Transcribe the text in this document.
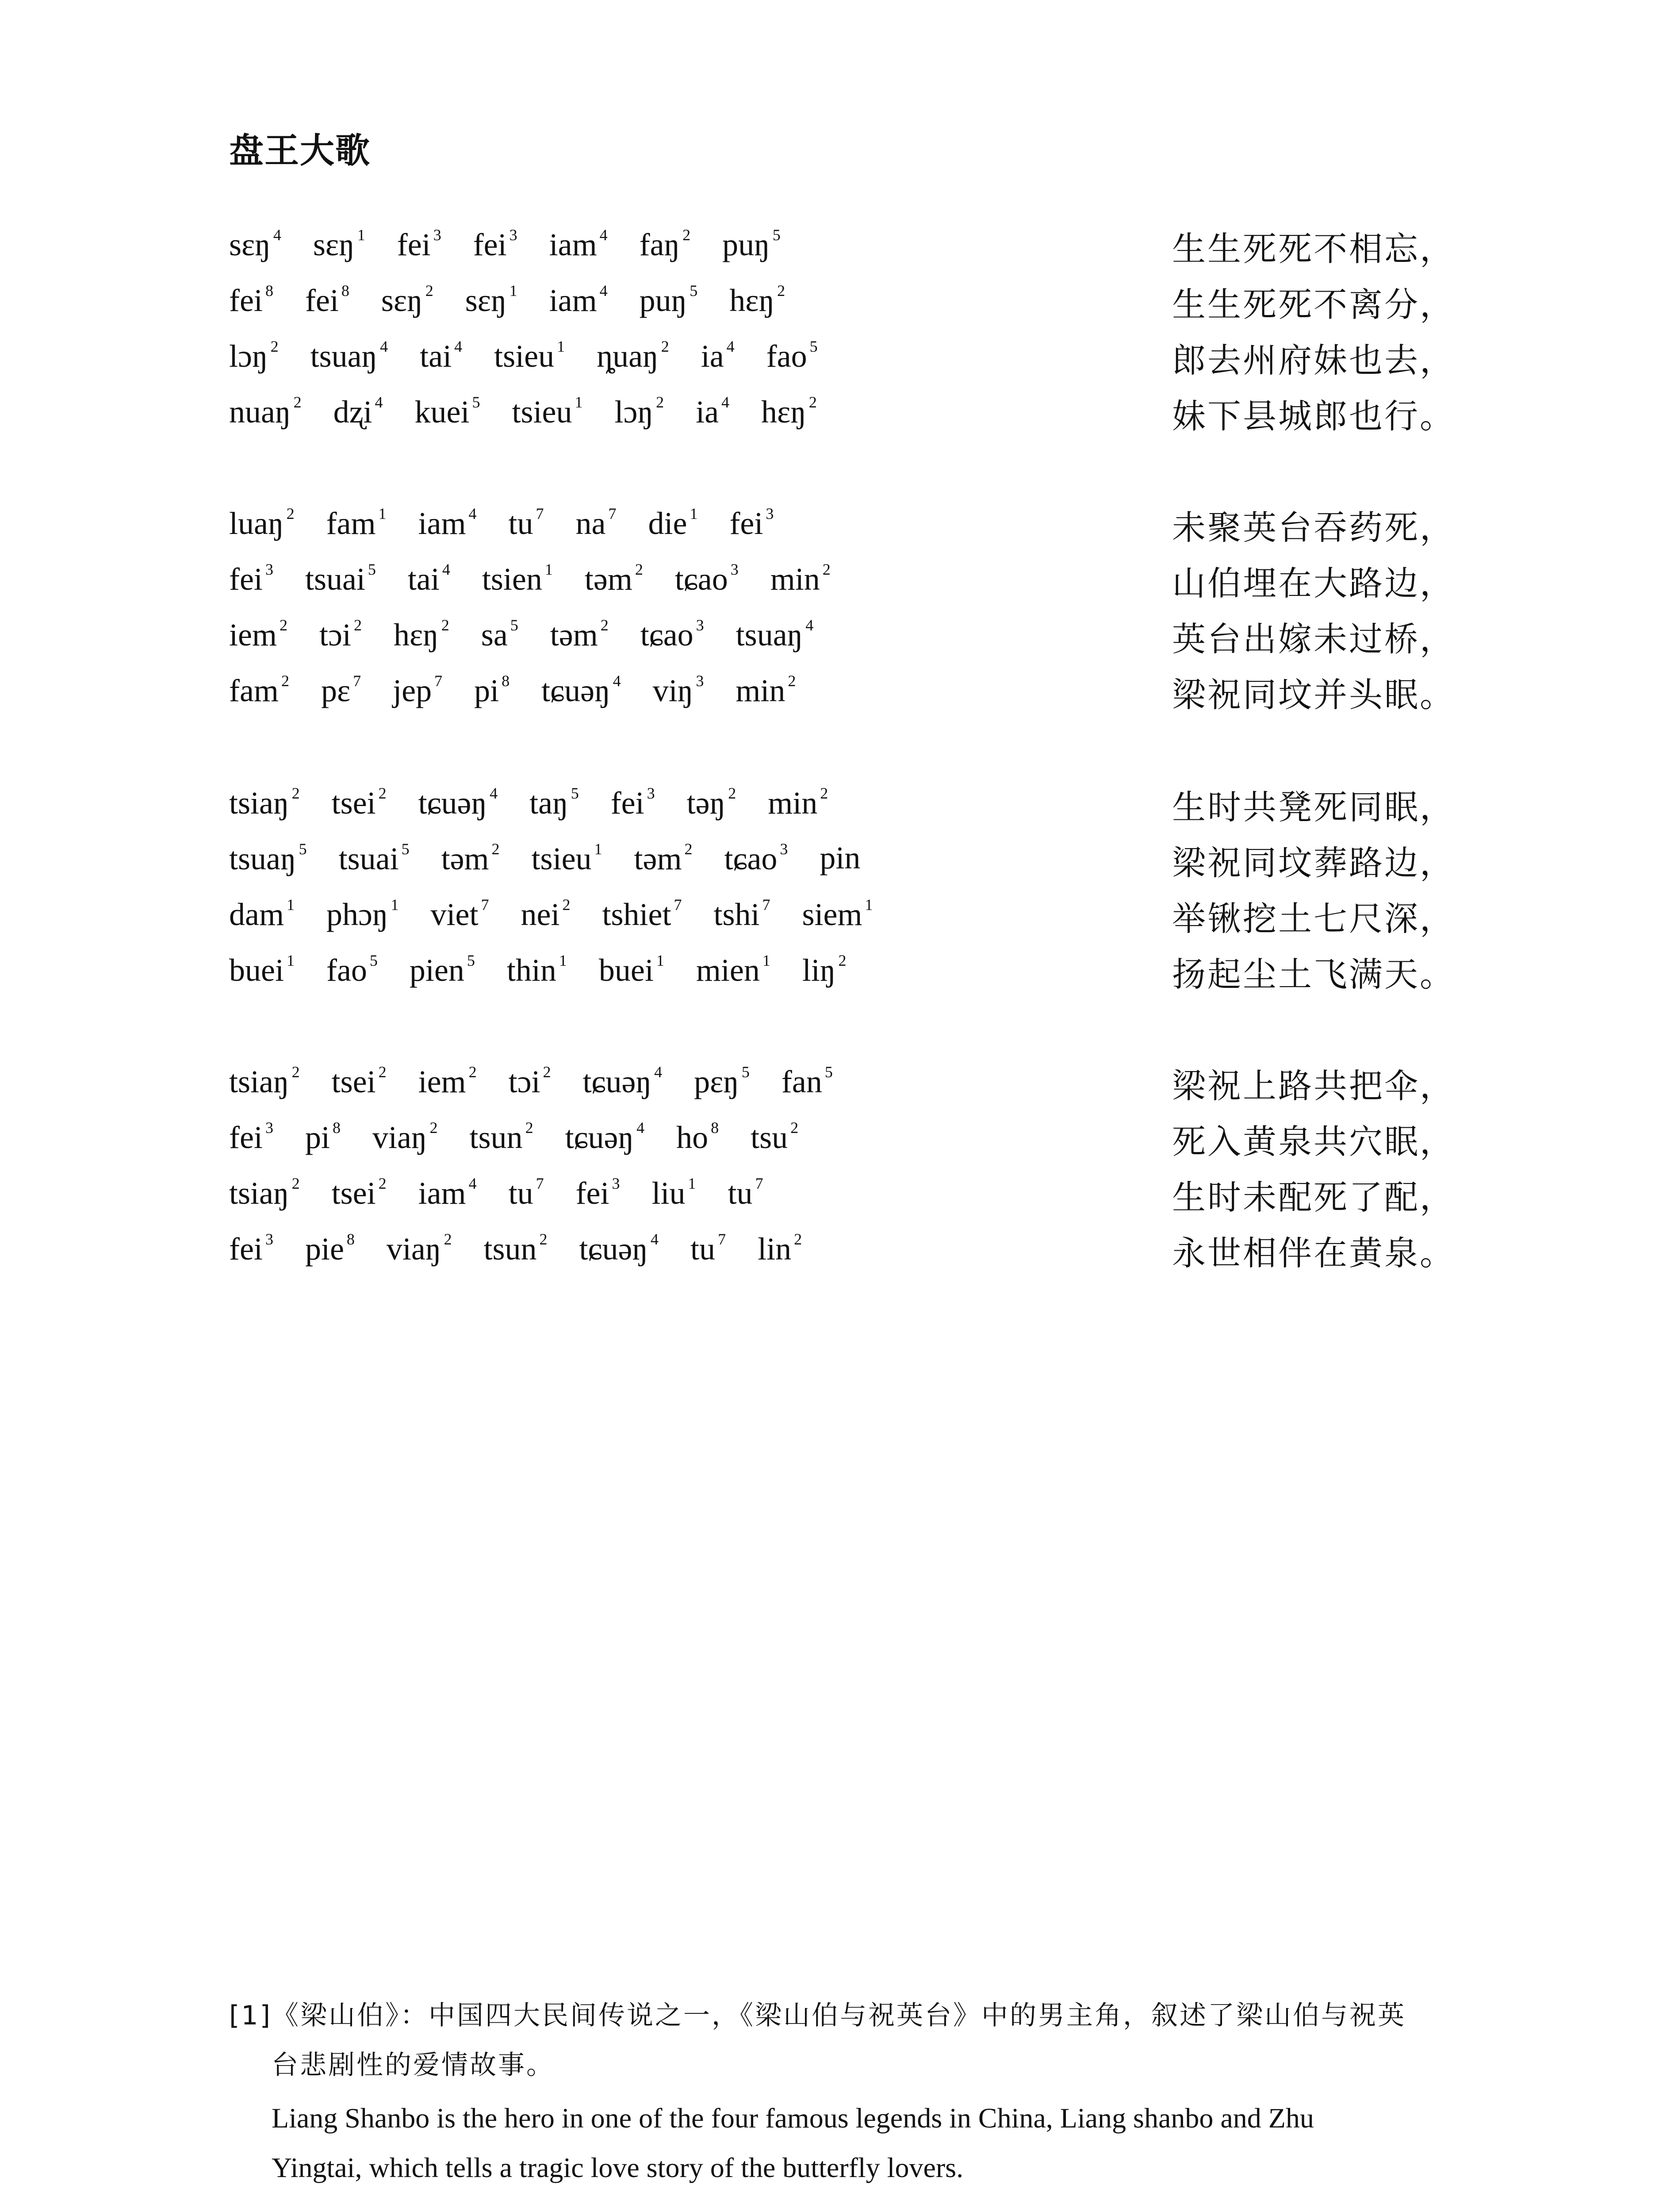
盘王大歌
sɛŋ $^4$ sɛŋ $^1$ fei $^3$ fei $^3$ iam $^4$ faŋ $^2$ puŋ $^5$	生生死死不相忘，
fei $^8$ fei $^8$ sɛŋ $^2$ sɛŋ $^1$ iam $^4$ puŋ $^5$ hɛŋ $^2$	生生死死不离分，
lɔŋ $^2$ tsuaŋ $^4$ tai $^4$ tsieu $^1$ ȵuaŋ $^2$ ia $^4$ fao $^5$	郎去州府妹也去，
nuaŋ $^2$ dʐi $^4$ kuei $^5$ tsieu $^1$ lɔŋ $^2$ ia $^4$ hɛŋ $^2$	妹下县城郎也行。
luaŋ $^2$ fam $^1$ iam $^4$ tu $^7$ na $^7$ die $^1$ fei $^3$	未聚英台吞药死，
fei $^3$ tsuai $^5$ tai $^4$ tsien $^1$ təm $^2$ tɕao $^3$ min $^2$	山伯埋在大路边，
iem $^2$ tɔi $^2$ hɛŋ $^2$ sa $^5$ təm $^2$ tɕao $^3$ tsuaŋ $^4$	英台出嫁未过桥，
fam $^2$ pɛ $^7$ jep $^7$ pi $^8$ tɕuəŋ $^4$ viŋ $^3$ min $^2$	梁祝同坟并头眠。
tsiaŋ $^2$ tsei $^2$ tɕuəŋ $^4$ taŋ $^5$ fei $^3$ təŋ $^2$ min $^2$	生时共凳死同眠，
tsuaŋ $^5$ tsuai $^5$ təm $^2$ tsieu $^1$ təm $^2$ tɕao $^3$ pin	梁祝同坟葬路边，
dam $^1$ phɔŋ $^1$ viet $^7$ nei $^2$ tshiet $^7$ tshi $^7$ siem $^1$	举锹挖土七尺深，
buei $^1$ fao $^5$ pien $^5$ thin $^1$ buei $^1$ mien $^1$ liŋ $^2$	扬起尘土飞满天。
tsiaŋ $^2$ tsei $^2$ iem $^2$ tɔi $^2$ tɕuəŋ $^4$ pɛŋ $^5$ fan $^5$	梁祝上路共把伞，
fei $^3$ pi $^8$ viaŋ $^2$ tsun $^2$ tɕuəŋ $^4$ ho $^8$ tsu $^2$	死入黄泉共穴眠，
tsiaŋ $^2$ tsei $^2$ iam $^4$ tu $^7$ fei $^3$ liu $^1$ tu $^7$	生时未配死了配，
fei $^3$ pie $^8$ viaŋ $^2$ tsun $^2$ tɕuəŋ $^4$ tu $^7$ lin $^2$	永世相伴在黄泉。
[1]《梁山伯》：中国四大民间传说之一，《梁山伯与祝英台》中的男主角，叙述了梁山伯与祝英
台悲剧性的爱情故事。
Liang Shanbo is the hero in one of the four famous legends in China, Liang shanbo and Zhu
Yingtai, which tells a tragic love story of the butterfly lovers.
